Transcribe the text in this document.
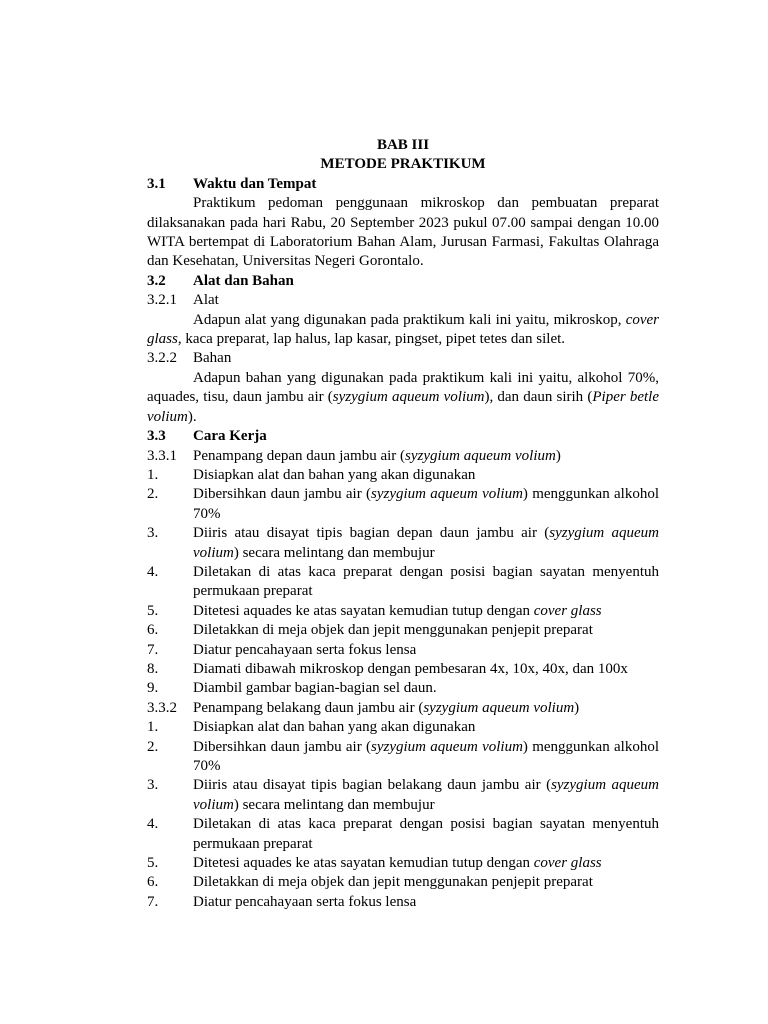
BAB III
METODE PRAKTIKUM
3.1	Waktu dan Tempat
Praktikum pedoman penggunaan mikroskop dan pembuatan preparat dilaksanakan pada hari Rabu, 20 September 2023 pukul 07.00 sampai dengan 10.00 WITA bertempat di Laboratorium Bahan Alam, Jurusan Farmasi, Fakultas Olahraga dan Kesehatan, Universitas Negeri Gorontalo.
3.2	Alat dan Bahan
3.2.1	Alat
Adapun alat yang digunakan pada praktikum kali ini yaitu, mikroskop, cover glass, kaca preparat, lap halus, lap kasar, pingset, pipet tetes dan silet.
3.2.2	Bahan
Adapun bahan yang digunakan pada praktikum kali ini yaitu, alkohol 70%, aquades, tisu, daun jambu air (syzygium aqueum volium), dan daun sirih (Piper betle volium).
3.3	Cara Kerja
3.3.1	Penampang depan daun jambu air (syzygium aqueum volium)
1.	Disiapkan alat dan bahan yang akan digunakan
2.	Dibersihkan daun jambu air (syzygium aqueum volium) menggunkan alkohol 70%
3.	Diiris atau disayat tipis bagian depan daun jambu air (syzygium aqueum volium) secara melintang dan membujur
4.	Diletakan di atas kaca preparat dengan posisi bagian sayatan menyentuh permukaan preparat
5.	Ditetesi aquades ke atas sayatan kemudian tutup dengan cover glass
6.	Diletakkan di meja objek dan jepit menggunakan penjepit preparat
7.	Diatur pencahayaan serta fokus lensa
8.	Diamati dibawah mikroskop dengan pembesaran 4x, 10x, 40x, dan 100x
9.	Diambil gambar bagian-bagian sel daun.
3.3.2	Penampang belakang daun jambu air (syzygium aqueum volium)
1.	Disiapkan alat dan bahan yang akan digunakan
2.	Dibersihkan daun jambu air (syzygium aqueum volium) menggunkan alkohol 70%
3.	Diiris atau disayat tipis bagian belakang daun jambu air (syzygium aqueum volium) secara melintang dan membujur
4.	Diletakan di atas kaca preparat dengan posisi bagian sayatan menyentuh permukaan preparat
5.	Ditetesi aquades ke atas sayatan kemudian tutup dengan cover glass
6.	Diletakkan di meja objek dan jepit menggunakan penjepit preparat
7.	Diatur pencahayaan serta fokus lensa
